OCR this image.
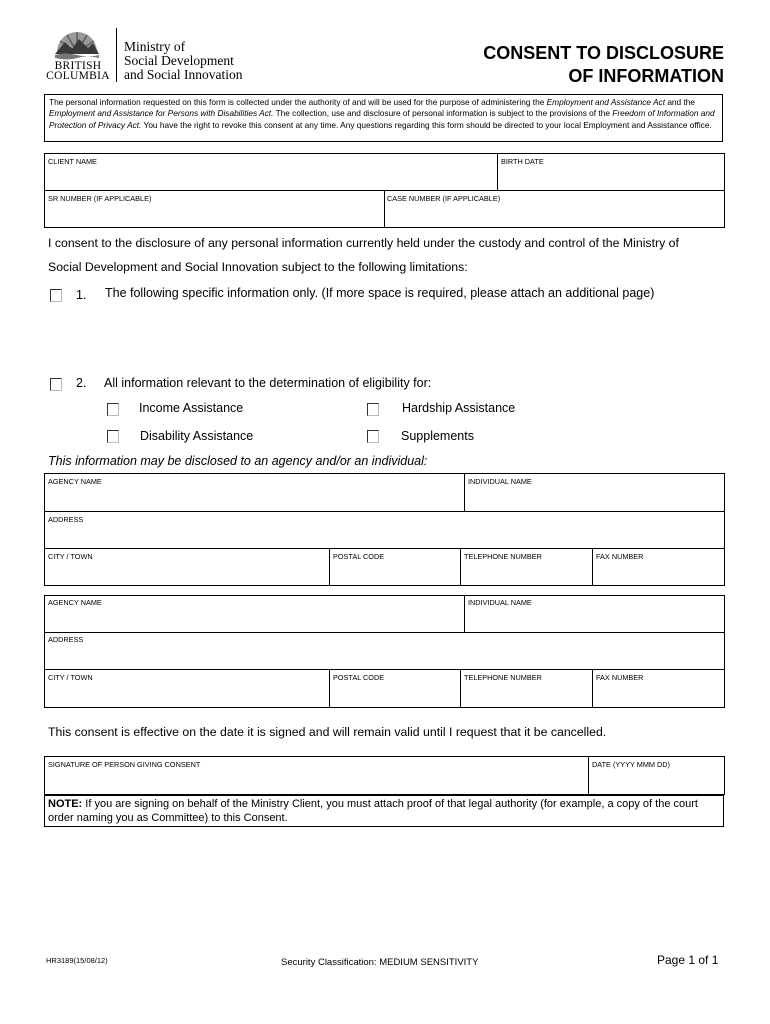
BRITISH
COLUMBIA
Ministry of
Social Development
and Social Innovation
CONSENT TO DISCLOSURE
OF INFORMATION
The personal information requested on this form is collected under the authority of and will be used for the purpose of administering the Employment and Assistance Act and the Employment and Assistance for Persons with Disabilities Act. The collection, use and disclosure of personal information is subject to the provisions of the Freedom of Information and Protection of Privacy Act. You have the right to revoke this consent at any time. Any questions regarding this form should be directed to your local Employment and Assistance office.
CLIENT NAME	BIRTH DATE
SR NUMBER (IF APPLICABLE)	CASE NUMBER (IF APPLICABLE)
I consent to the disclosure of any personal information currently held under the custody and control of the Ministry of
Social Development and Social Innovation subject to the following limitations:
1. The following specific information only. (If more space is required, please attach an additional page)
2. All information relevant to the determination of eligibility for:
Income Assistance	Hardship Assistance
Disability Assistance	Supplements
This information may be disclosed to an agency and/or an individual:
AGENCY NAME	INDIVIDUAL NAME
ADDRESS
CITY / TOWN	POSTAL CODE	TELEPHONE NUMBER	FAX NUMBER
AGENCY NAME	INDIVIDUAL NAME
ADDRESS
CITY / TOWN	POSTAL CODE	TELEPHONE NUMBER	FAX NUMBER
This consent is effective on the date it is signed and will remain valid until I request that it be cancelled.
SIGNATURE OF PERSON GIVING CONSENT	DATE (YYYY MMM DD)
NOTE: If you are signing on behalf of the Ministry Client, you must attach proof of that legal authority (for example, a copy of the court order naming you as Committee) to this Consent.
HR3189(15/08/12)	Security Classification: MEDIUM SENSITIVITY	Page 1 of 1
